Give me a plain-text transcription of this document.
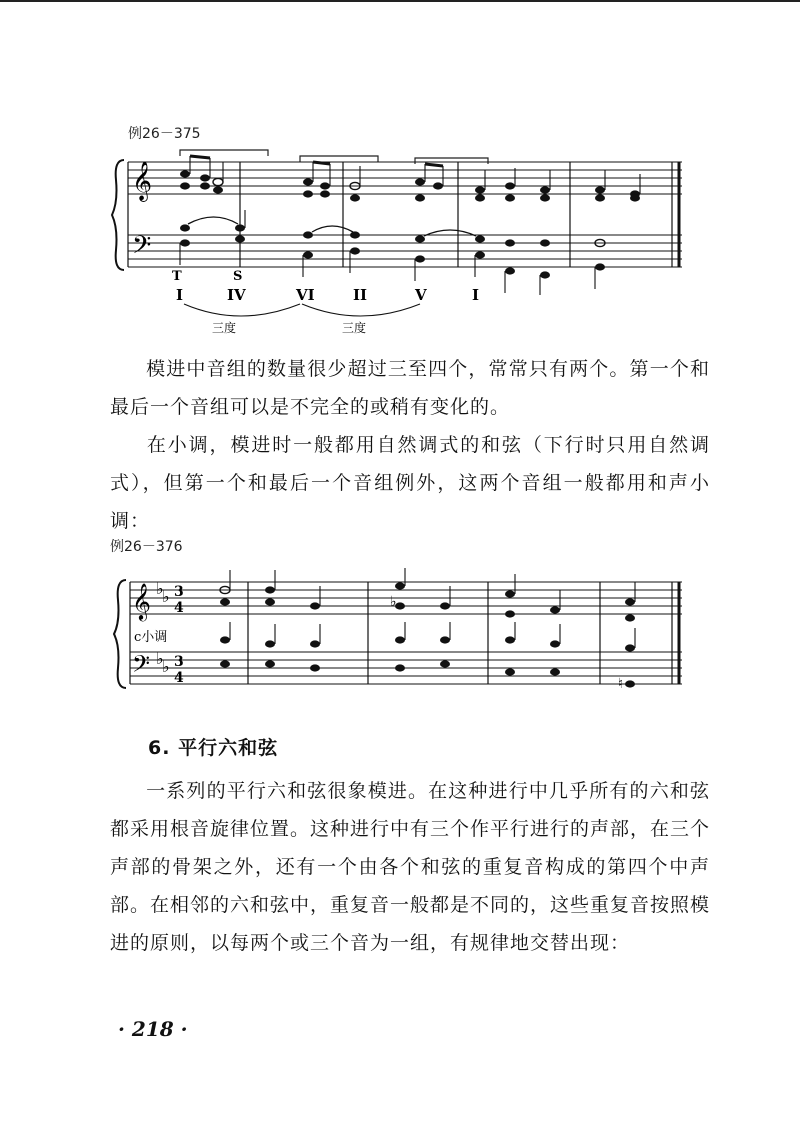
例26－375
𝄞
𝄢
T	S
I	IV	VI	II	V	I
三度	三度

模进中音组的数量很少超过三至四个，常常只有两个。第一个和最后一个音组可以是不完全的或稍有变化的。

在小调，模进时一般都用自然调式的和弦（下行时只用自然调式），但第一个和最后一个音组例外，这两个音组一般都用和声小调：

例26－376
𝄞
𝄢
♭
♭
♭
♭
3
4
3
4
c小调
♭
♮
6. 平行六和弦

一系列的平行六和弦很象模进。在这种进行中几乎所有的六和弦都采用根音旋律位置。这种进行中有三个作平行进行的声部，在三个声部的骨架之外，还有一个由各个和弦的重复音构成的第四个中声部。在相邻的六和弦中，重复音一般都是不同的，这些重复音按照模进的原则，以每两个或三个音为一组，有规律地交替出现：

· 218 ·
